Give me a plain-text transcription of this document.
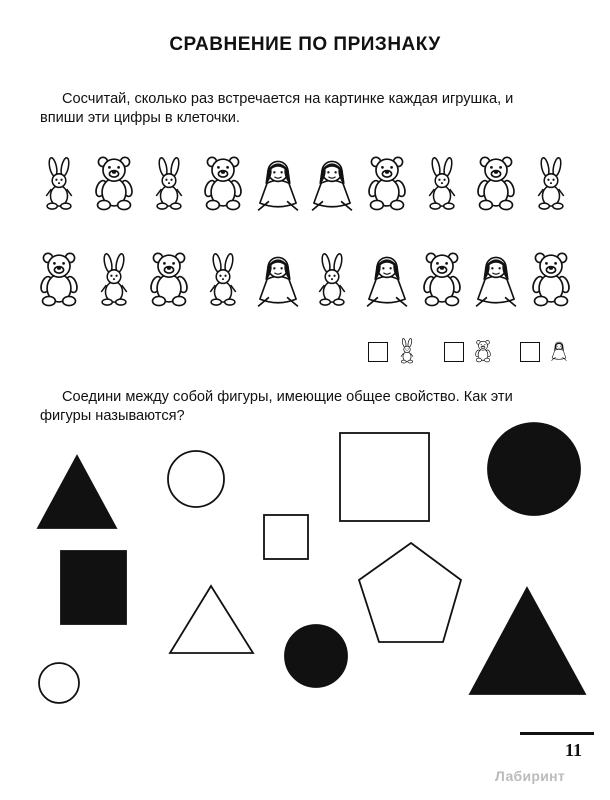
СРАВНЕНИЕ ПО ПРИЗНАКУ
Сосчитай, сколько раз встречается на картинке каждая игрушка, и
впиши эти цифры в клеточки.
Соедини между собой фигуры, имеющие общее свойство. Как эти
фигуры называются?
11
Лабиринт
